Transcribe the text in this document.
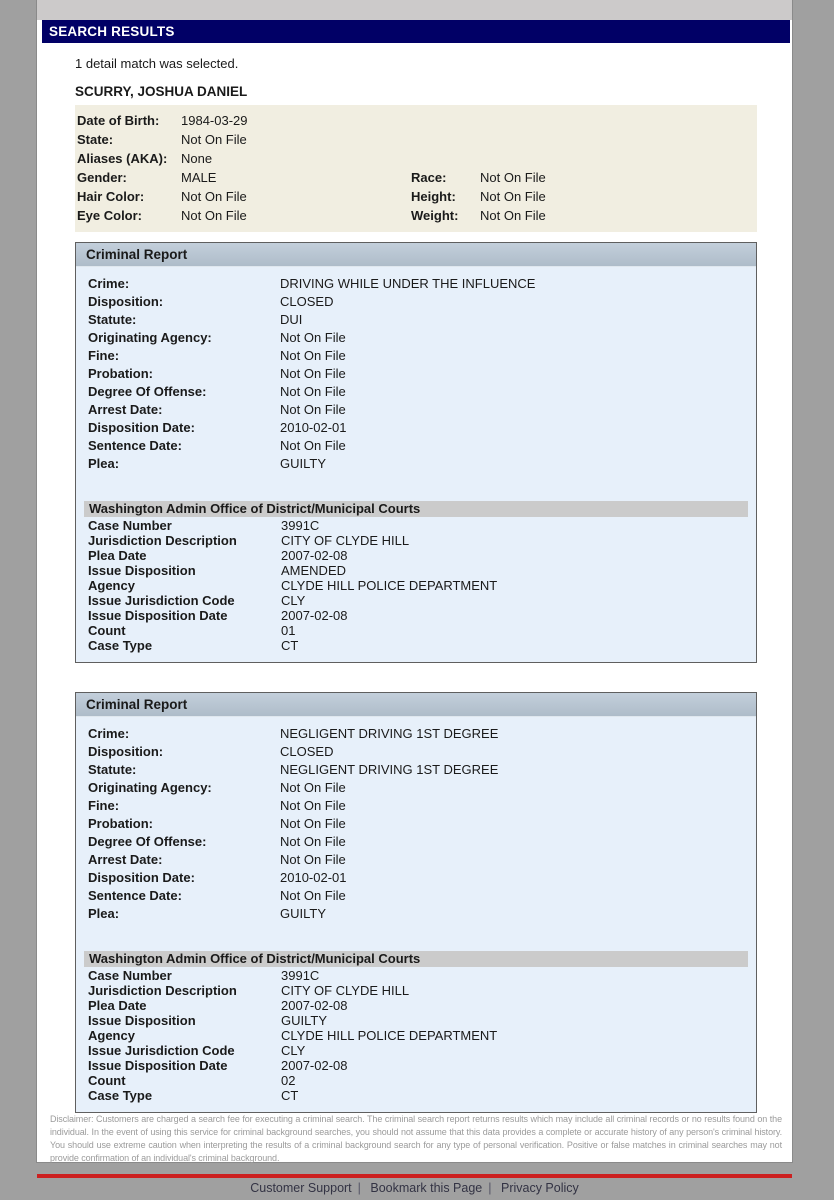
SEARCH RESULTS
1 detail match was selected.
SCURRY, JOSHUA DANIEL
Date of Birth:	1984-03-29
State:	Not On File
Aliases (AKA):	None
Gender:	MALE	Race:	Not On File
Hair Color:	Not On File	Height:	Not On File
Eye Color:	Not On File	Weight:	Not On File
Criminal Report
Crime:	DRIVING WHILE UNDER THE INFLUENCE
Disposition:	CLOSED
Statute:	DUI
Originating Agency:	Not On File
Fine:	Not On File
Probation:	Not On File
Degree Of Offense:	Not On File
Arrest Date:	Not On File
Disposition Date:	2010-02-01
Sentence Date:	Not On File
Plea:	GUILTY
Washington Admin Office of District/Municipal Courts
Case Number	3991C
Jurisdiction Description	CITY OF CLYDE HILL
Plea Date	2007-02-08
Issue Disposition	AMENDED
Agency	CLYDE HILL POLICE DEPARTMENT
Issue Jurisdiction Code	CLY
Issue Disposition Date	2007-02-08
Count	01
Case Type	CT
Criminal Report
Crime:	NEGLIGENT DRIVING 1ST DEGREE
Disposition:	CLOSED
Statute:	NEGLIGENT DRIVING 1ST DEGREE
Originating Agency:	Not On File
Fine:	Not On File
Probation:	Not On File
Degree Of Offense:	Not On File
Arrest Date:	Not On File
Disposition Date:	2010-02-01
Sentence Date:	Not On File
Plea:	GUILTY
Washington Admin Office of District/Municipal Courts
Case Number	3991C
Jurisdiction Description	CITY OF CLYDE HILL
Plea Date	2007-02-08
Issue Disposition	GUILTY
Agency	CLYDE HILL POLICE DEPARTMENT
Issue Jurisdiction Code	CLY
Issue Disposition Date	2007-02-08
Count	02
Case Type	CT
Disclaimer: Customers are charged a search fee for executing a criminal search. The criminal search report returns results which may include all criminal records or no results found on the individual. In the event of using this service for criminal background searches, you should not assume that this data provides a complete or accurate history of any person's criminal history. You should use extreme caution when interpreting the results of a criminal background search for any type of personal verification. Positive or false matches in criminal searches may not provide confirmation of an individual's criminal background.
Customer Support | Bookmark this Page | Privacy Policy
